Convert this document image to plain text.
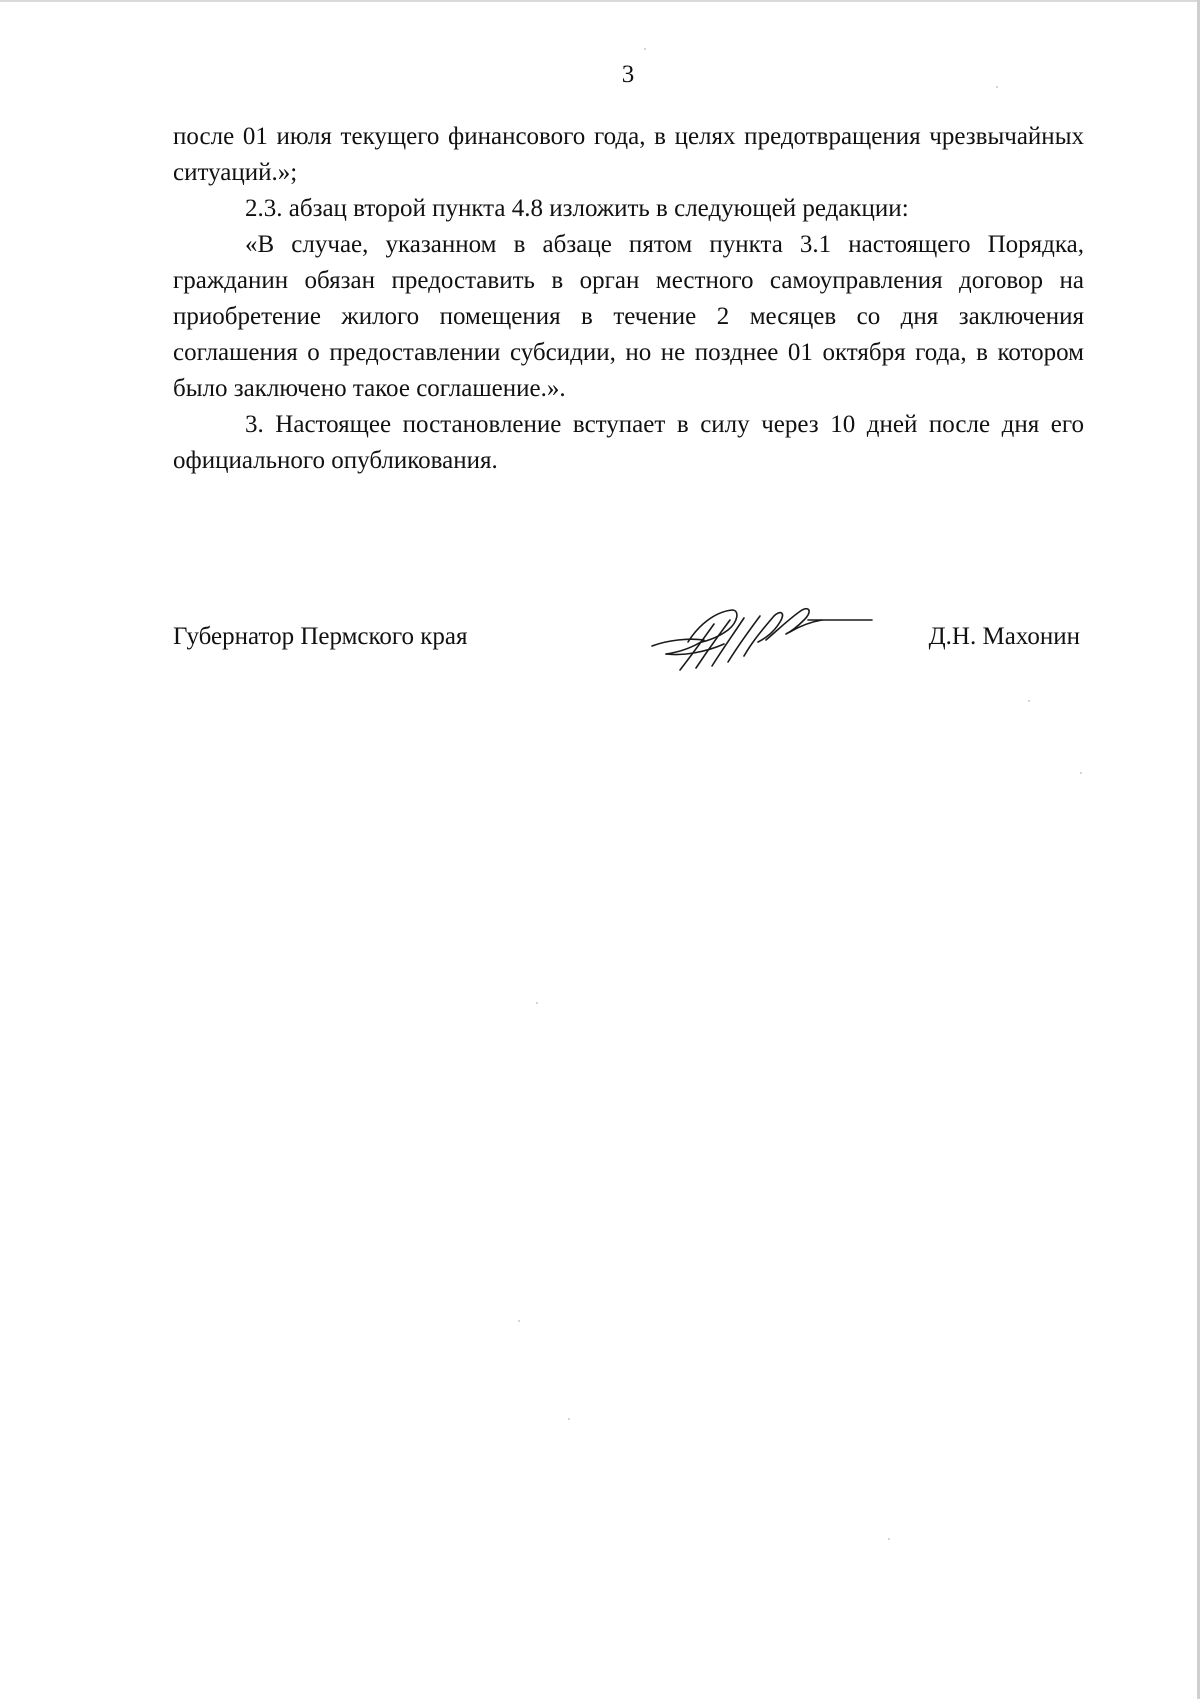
3

после 01 июля текущего финансового года, в целях предотвращения чрезвычайных ситуаций.»;

2.3. абзац второй пункта 4.8 изложить в следующей редакции:

«В случае, указанном в абзаце пятом пункта 3.1 настоящего Порядка, гражданин обязан предоставить в орган местного самоуправления договор на приобретение жилого помещения в течение 2 месяцев со дня заключения соглашения о предоставлении субсидии, но не позднее 01 октября года, в котором было заключено такое соглашение.».

3. Настоящее постановление вступает в силу через 10 дней после дня его официального опубликования.

Губернатор Пермского края	Д.Н. Махонин
